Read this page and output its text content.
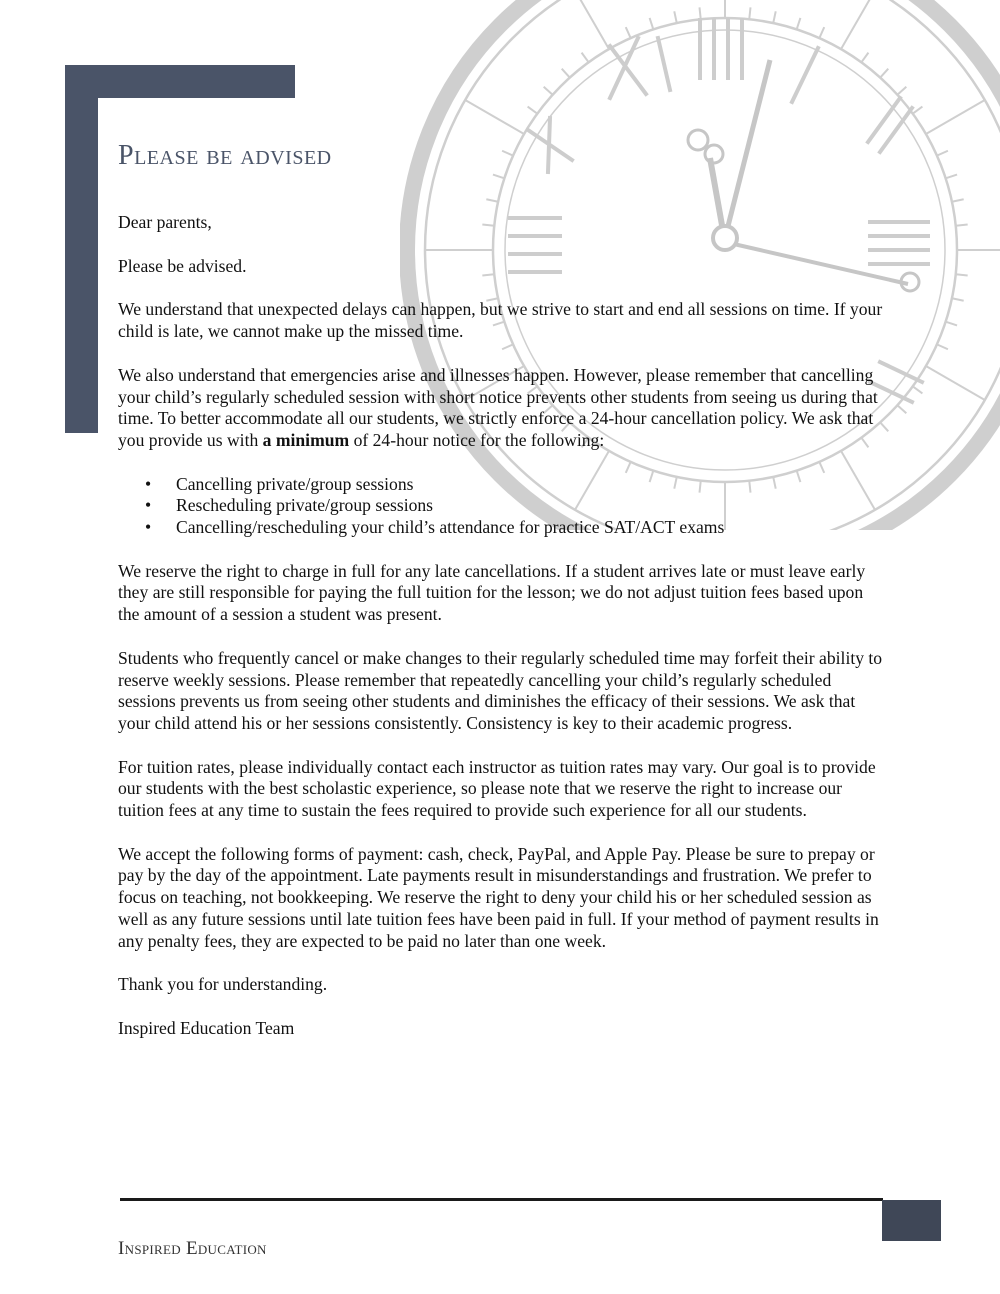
Please be advised

Dear parents,

Please be advised.

We understand that unexpected delays can happen, but we strive to start and end all sessions on time. If your child is late, we cannot make up the missed time.

We also understand that emergencies arise and illnesses happen. However, please remember that cancelling your child’s regularly scheduled session with short notice prevents other students from seeing us during that time. To better accommodate all our students, we strictly enforce a 24-hour cancellation policy. We ask that you provide us with a minimum of 24-hour notice for the following:

• Cancelling private/group sessions
• Rescheduling private/group sessions
• Cancelling/rescheduling your child’s attendance for practice SAT/ACT exams

We reserve the right to charge in full for any late cancellations. If a student arrives late or must leave early they are still responsible for paying the full tuition for the lesson; we do not adjust tuition fees based upon the amount of a session a student was present.

Students who frequently cancel or make changes to their regularly scheduled time may forfeit their ability to reserve weekly sessions. Please remember that repeatedly cancelling your child’s regularly scheduled sessions prevents us from seeing other students and diminishes the efficacy of their sessions. We ask that your child attend his or her sessions consistently. Consistency is key to their academic progress.

For tuition rates, please individually contact each instructor as tuition rates may vary. Our goal is to provide our students with the best scholastic experience, so please note that we reserve the right to increase our tuition fees at any time to sustain the fees required to provide such experience for all our students.

We accept the following forms of payment: cash, check, PayPal, and Apple Pay. Please be sure to prepay or pay by the day of the appointment. Late payments result in misunderstandings and frustration. We prefer to focus on teaching, not bookkeeping. We reserve the right to deny your child his or her scheduled session as well as any future sessions until late tuition fees have been paid in full. If your method of payment results in any penalty fees, they are expected to be paid no later than one week.

Thank you for understanding.

Inspired Education Team

Inspired Education
